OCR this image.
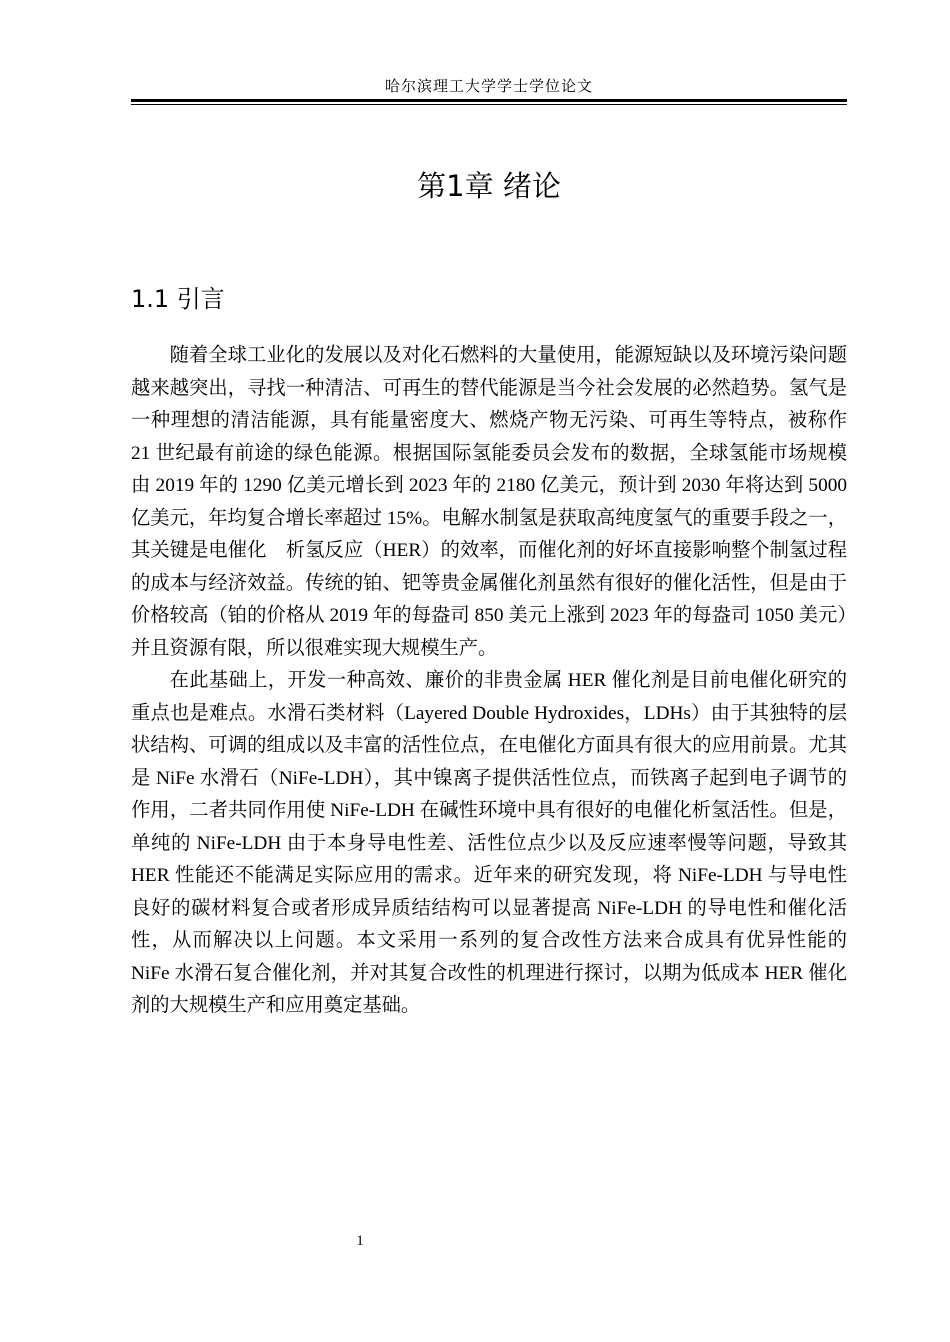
哈尔滨理工大学学士学位论文
第1章 绪论
1.1 引言

随着全球工业化的发展以及对化石燃料的大量使用，能源短缺以及环境污染问题越来越突出，寻找一种清洁、可再生的替代能源是当今社会发展的必然趋势。氢气是一种理想的清洁能源，具有能量密度大、燃烧产物无污染、可再生等特点，被称作 21 世纪最有前途的绿色能源。根据国际氢能委员会发布的数据，全球氢能市场规模由 2019 年的 1290 亿美元增长到 2023 年的 2180 亿美元，预计到 2030 年将达到 5000 亿美元，年均复合增长率超过 15%。电解水制氢是获取高纯度氢气的重要手段之一，其关键是电催化　析氢反应（HER）的效率，而催化剂的好坏直接影响整个制氢过程的成本与经济效益。传统的铂、钯等贵金属催化剂虽然有很好的催化活性，但是由于价格较高（铂的价格从 2019 年的每盎司 850 美元上涨到 2023 年的每盎司 1050 美元）并且资源有限，所以很难实现大规模生产。

在此基础上，开发一种高效、廉价的非贵金属 HER 催化剂是目前电催化研究的重点也是难点。水滑石类材料（Layered Double Hydroxides，LDHs）由于其独特的层状结构、可调的组成以及丰富的活性位点，在电催化方面具有很大的应用前景。尤其是 NiFe 水滑石（NiFe-LDH），其中镍离子提供活性位点，而铁离子起到电子调节的作用，二者共同作用使 NiFe-LDH 在碱性环境中具有很好的电催化析氢活性。但是，单纯的 NiFe-LDH 由于本身导电性差、活性位点少以及反应速率慢等问题，导致其 HER 性能还不能满足实际应用的需求。近年来的研究发现，将 NiFe-LDH 与导电性良好的碳材料复合或者形成异质结结构可以显著提高 NiFe-LDH 的导电性和催化活性，从而解决以上问题。本文采用一系列的复合改性方法来合成具有优异性能的 NiFe 水滑石复合催化剂，并对其复合改性的机理进行探讨，以期为低成本 HER 催化剂的大规模生产和应用奠定基础。

1
